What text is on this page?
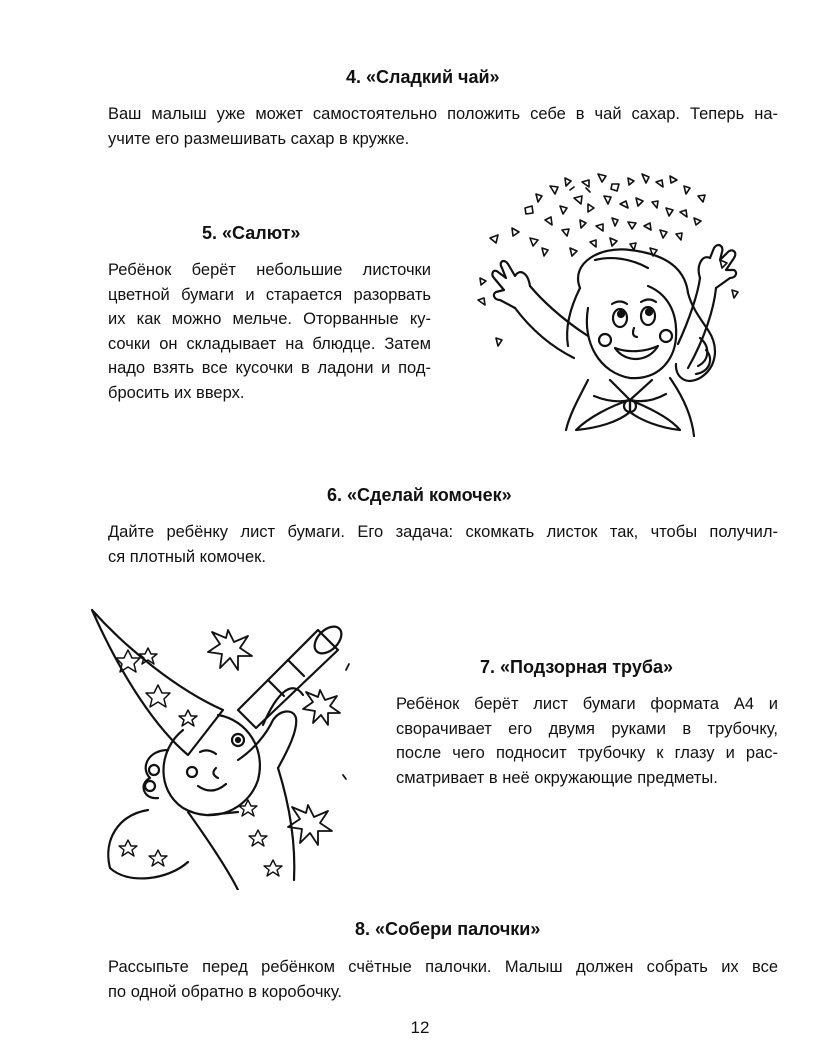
4. «Сладкий чай»
Ваш малыш уже может самостоятельно положить себе в чай сахар. Теперь на-
учите его размешивать сахар в кружке.
5. «Салют»
Ребёнок берёт небольшие листочки
цветной бумаги и старается разорвать
их как можно мельче. Оторванные ку-
сочки он складывает на блюдце. Затем
надо взять все кусочки в ладони и под-
бросить их вверх.
6. «Сделай комочек»
Дайте ребёнку лист бумаги. Его задача: скомкать листок так, чтобы получил-
ся плотный комочек.
7. «Подзорная труба»
Ребёнок берёт лист бумаги формата А4 и
сворачивает его двумя руками в трубочку,
после чего подносит трубочку к глазу и рас-
сматривает в неё окружающие предметы.
8. «Собери палочки»
Рассыпьте перед ребёнком счётные палочки. Малыш должен собрать их все
по одной обратно в коробочку.
12
